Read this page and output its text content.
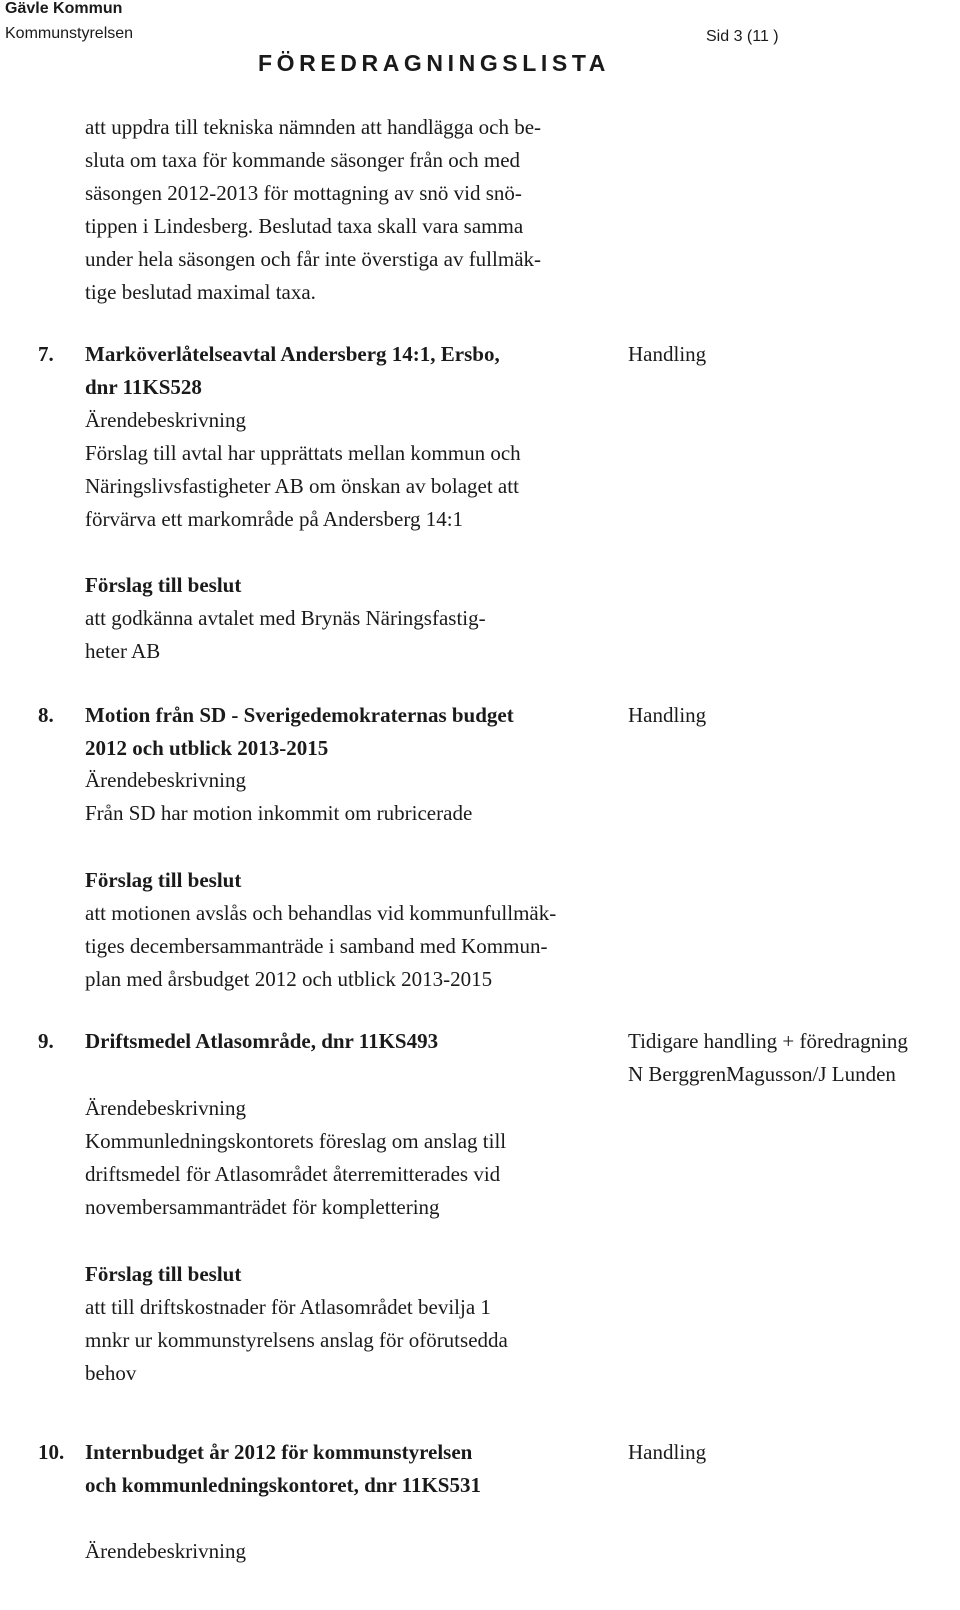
Gävle Kommun
Kommunstyrelsen
FÖREDRAGNINGSLISTA
Sid 3 (11 )
att uppdra till tekniska nämnden att handlägga och be-
sluta om taxa för kommande säsonger från och med
säsongen 2012-2013 för mottagning av snö vid snö-
tippen i Lindesberg. Beslutad taxa skall vara samma
under hela säsongen och får inte överstiga av fullmäk-
tige beslutad maximal taxa.
7. Marköverlåtelseavtal Andersberg 14:1, Ersbo,
dnr 11KS528
Handling
Ärendebeskrivning
Förslag till avtal har upprättats mellan kommun och
Näringslivsfastigheter AB om önskan av bolaget att
förvärva ett markområde på Andersberg 14:1
Förslag till beslut
att godkänna avtalet med Brynäs Näringsfastig-
heter AB
8. Motion från SD - Sverigedemokraternas budget
2012 och utblick 2013-2015
Handling
Ärendebeskrivning
Från SD har motion inkommit om rubricerade
Förslag till beslut
att motionen avslås och behandlas vid kommunfullmäk-
tiges decembersammanträde i samband med Kommun-
plan med årsbudget 2012 och utblick 2013-2015
9. Driftsmedel Atlasområde, dnr 11KS493	Tidigare handling + föredragning
N BerggrenMagusson/J Lunden
Ärendebeskrivning
Kommunledningskontorets föreslag om anslag till
driftsmedel för Atlasområdet återremitterades vid
novembersammanträdet för komplettering
Förslag till beslut
att till driftskostnader för Atlasområdet bevilja 1
mnkr ur kommunstyrelsens anslag för oförutsedda
behov
10. Internbudget år 2012 för kommunstyrelsen
och kommunledningskontoret, dnr 11KS531
Handling
Ärendebeskrivning
